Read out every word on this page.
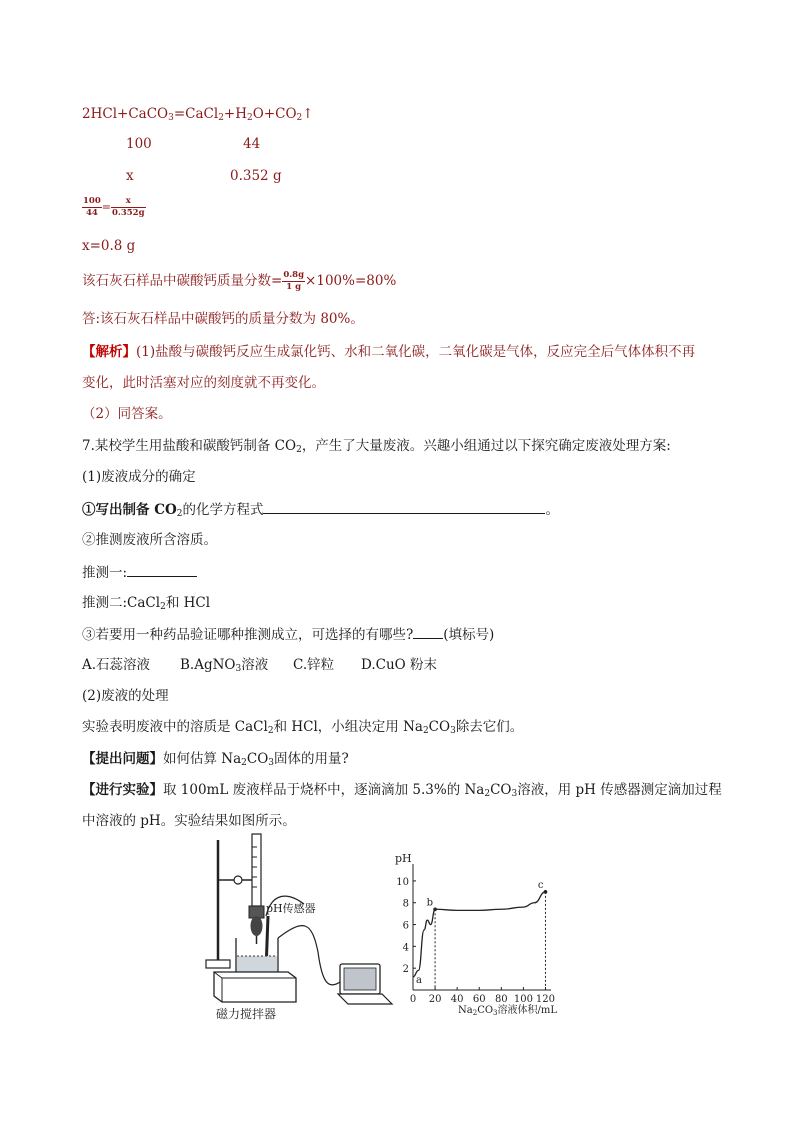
$2HCl+CaCO_3=CaCl_2+H_2O+CO_2↑$
100	44
x	0.352 g
$\frac{100}{44} = \frac{x}{0.352g}$
x=0.8 g
该石灰石样品中碳酸钙质量分数= $\frac{0.8g}{1 g} \times 100\%=80\%$
答:该石灰石样品中碳酸钙的质量分数为 80%。
【解析】(1)盐酸与碳酸钙反应生成氯化钙、水和二氧化碳，二氧化碳是气体，反应完全后气体体积不再
变化，此时活塞对应的刻度就不再变化。
（2）同答案。
7.某校学生用盐酸和碳酸钙制备 $CO_2$，产生了大量废液。兴趣小组通过以下探究确定废液处理方案:
(1)废液成分的确定
①写出制备 $CO_2$的化学方程式	。
②推测废液所含溶质。
推测一:
推测二:CaCl$_2$和 HCl
③若要用一种药品验证哪种推测成立，可选择的有哪些? (填标号)
A.石蕊溶液 B.AgNO$_3$溶液 C.锌粒 D.CuO 粉末
(2)废液的处理
实验表明废液中的溶质是 CaCl$_2$和 HCl，小组决定用 $Na_2CO_3$除去它们。
【提出问题】如何估算 $Na_2CO_3$固体的用量?
【进行实验】取 100mL 废液样品于烧杯中，逐滴滴加 5.3%的 $Na_2CO_3$溶液，用 pH 传感器测定滴加过程
中溶液的 pH。实验结果如图所示。
pH传感器
磁力搅拌器
pH
2
4
6
8
10
0 20 40 60 80 100 120
a
b
c
$Na_2CO_3$溶液体积/mL
